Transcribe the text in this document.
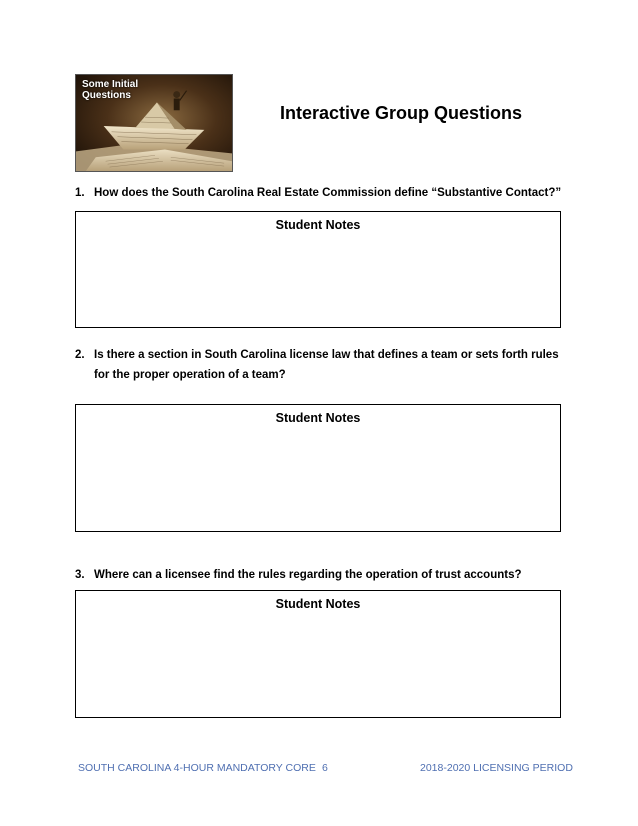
Some Initial
Questions
Interactive Group Questions
1. How does the South Carolina Real Estate Commission define “Substantive Contact?”
Student Notes
2. Is there a section in South Carolina license law that defines a team or sets forth rules for the proper operation of a team?
Student Notes
3. Where can a licensee find the rules regarding the operation of trust accounts?
Student Notes
SOUTH CAROLINA 4-HOUR MANDATORY CORE 6	2018-2020 LICENSING PERIOD
